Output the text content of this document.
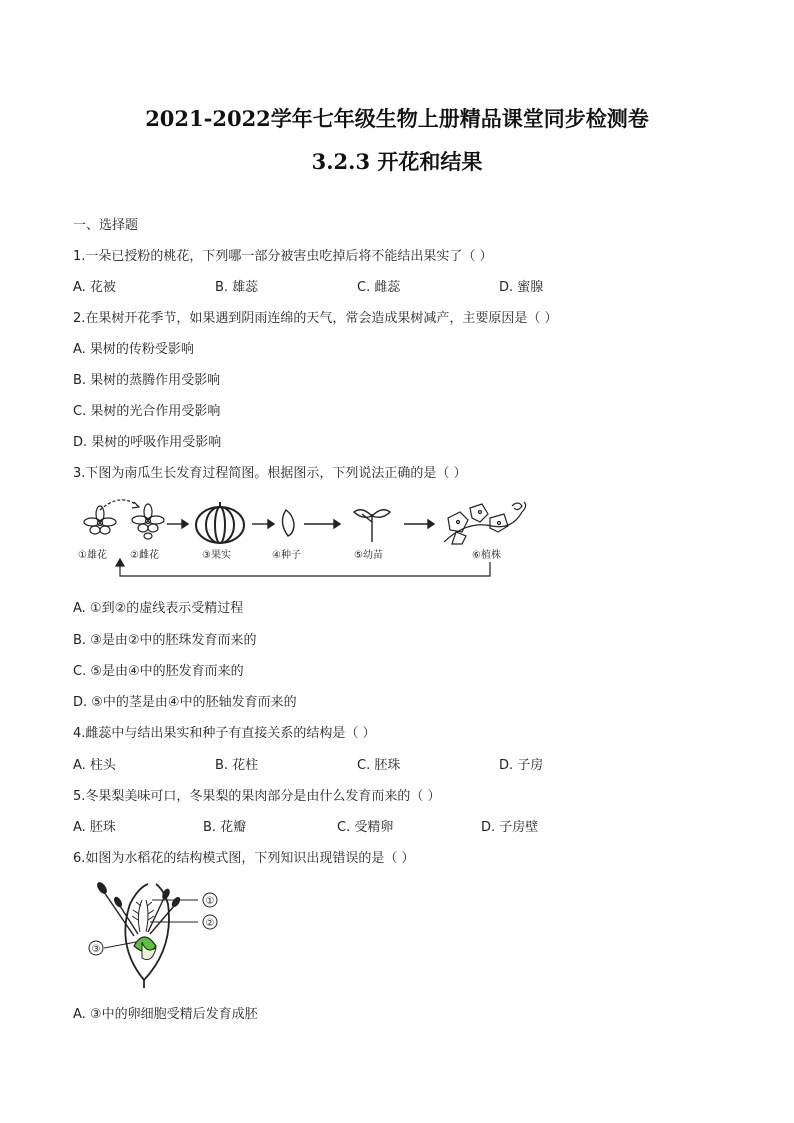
2021-2022学年七年级生物上册精品课堂同步检测卷
3.2.3 开花和结果
一、选择题
1.一朵已授粉的桃花，下列哪一部分被害虫吃掉后将不能结出果实了（ ）
A. 花被	B. 雄蕊	C. 雌蕊	D. 蜜腺
2.在果树开花季节，如果遇到阴雨连绵的天气，常会造成果树减产，主要原因是（ ）
A. 果树的传粉受影响
B. 果树的蒸腾作用受影响
C. 果树的光合作用受影响
D. 果树的呼吸作用受影响
3.下图为南瓜生长发育过程简图。根据图示，下列说法正确的是（ ）
①雄花 ②雌花	③果实	④种子	⑤幼苗	⑥植株
A. ①到②的虚线表示受精过程
B. ③是由②中的胚珠发育而来的
C. ⑤是由④中的胚发育而来的
D. ⑤中的茎是由④中的胚轴发育而来的
4.雌蕊中与结出果实和种子有直接关系的结构是（ ）
A. 柱头	B. 花柱	C. 胚珠	D. 子房
5.冬果梨美味可口，冬果梨的果肉部分是由什么发育而来的（ ）
A. 胚珠	B. 花瓣	C. 受精卵	D. 子房壁
6.如图为水稻花的结构模式图，下列知识出现错误的是（ ）
①
②
③
A. ③中的卵细胞受精后发育成胚
